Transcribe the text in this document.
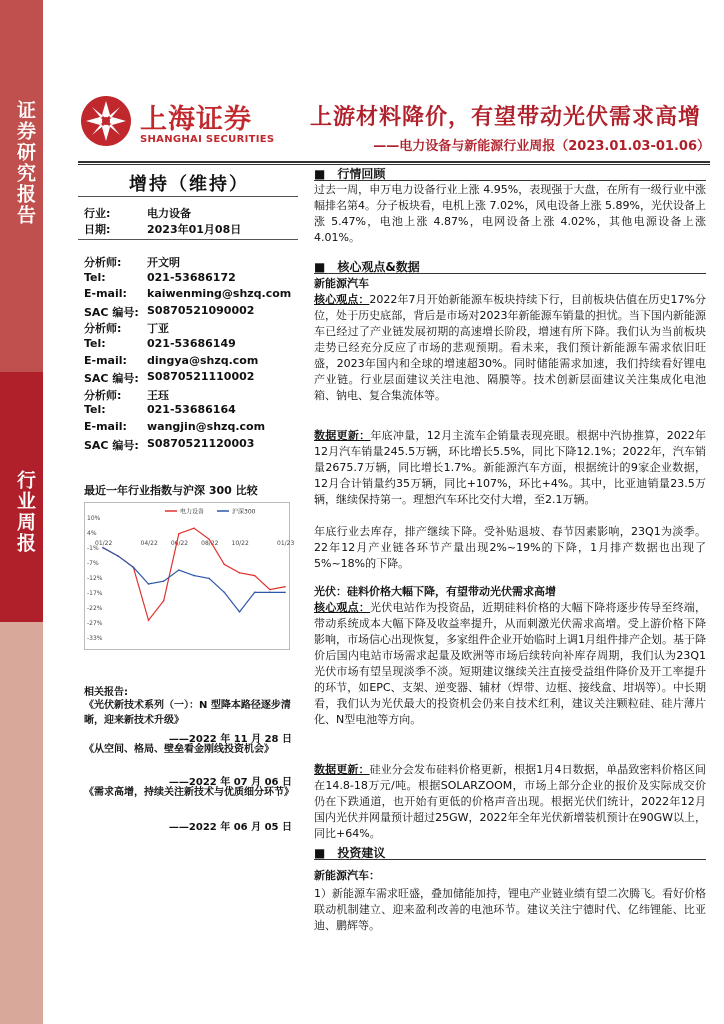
证券研究报告
行业周报
上海证券
SHANGHAI SECURITIES
上游材料降价，有望带动光伏需求高增
——电力设备与新能源行业周报（2023.01.03-01.06）
增持（维持）
行业:	电力设备
日期:	2023年01月08日
分析师: 开文明
Tel:	021-53686172
E-mail: kaiwenming@shzq.com
SAC 编号: S0870521090002
分析师: 丁亚
Tel:	021-53686149
E-mail: dingya@shzq.com
SAC 编号: S0870521110002
分析师: 王珏
Tel:	021-53686164
E-mail: wangjin@shzq.com
SAC 编号: S0870521120003
最近一年行业指数与沪深 300 比较
10%
4%
-1%
-7%
-12%
-17%
-22%
-27%
-33%
01/22	04/22 06/22 08/22 10/22	01/23
电力设备	沪深300
相关报告:
《光伏新技术系列（一）：N 型降本路径逐步清晰，迎来新技术升级》
——2022 年 11 月 28 日
《从空间、格局、壁垒看金刚线投资机会》
——2022 年 07 月 06 日
《需求高增，持续关注新技术与优质细分环节》
——2022 年 06 月 05 日
■　行情回顾
过去一周，申万电力设备行业上涨 4.95%，表现强于大盘，在所有一级行业中涨幅排名第4。分子板块看，电机上涨 7.02%，风电设备上涨 5.89%，光伏设备上涨 5.47%，电池上涨 4.87%，电网设备上涨 4.02%，其他电源设备上涨 4.01%。
■　核心观点&数据
新能源汽车
核心观点：2022年7月开始新能源车板块持续下行，目前板块估值在历史17%分位，处于历史底部，背后是市场对2023年新能源车销量的担忧。当下国内新能源车已经过了产业链发展初期的高速增长阶段，增速有所下降。我们认为当前板块走势已经充分反应了市场的悲观预期。看未来，我们预计新能源车需求依旧旺盛，2023年国内和全球的增速超30%。同时储能需求加速，我们持续看好锂电产业链。行业层面建议关注电池、隔膜等。技术创新层面建议关注集成化电池箱、钠电、复合集流体等。
数据更新：年底冲量，12月主流车企销量表现亮眼。根据中汽协推算，2022年12月汽车销量245.5万辆，环比增长5.5%，同比下降12.1%；2022年，汽车销量2675.7万辆，同比增长1.7%。新能源汽车方面，根据统计的9家企业数据，12月合计销量约35万辆，同比+107%，环比+4%。其中，比亚迪销量23.5万辆，继续保持第一。理想汽车环比交付大增，至2.1万辆。
年底行业去库存，排产继续下降。受补贴退坡、春节因素影响，23Q1为淡季。22年12月产业链各环节产量出现2%~19%的下降，1月排产数据也出现了5%~18%的下降。
光伏：硅料价格大幅下降，有望带动光伏需求高增
核心观点：光伏电站作为投资品，近期硅料价格的大幅下降将逐步传导至终端，带动系统成本大幅下降及收益率提升，从而刺激光伏需求高增。受上游价格下降影响，市场信心出现恢复，多家组件企业开始临时上调1月组件排产企划。基于降价后国内电站市场需求起量及欧洲等市场后续转向补库存周期，我们认为23Q1光伏市场有望呈现淡季不淡。短期建议继续关注直接受益组件降价及开工率提升的环节，如EPC、支架、逆变器、辅材（焊带、边框、接线盒、坩埚等）。中长期看，我们认为光伏最大的投资机会仍来自技术红利，建议关注颗粒硅、硅片薄片化、N型电池等方向。
数据更新：硅业分会发布硅料价格更新，根据1月4日数据，单晶致密料价格区间在14.8-18万元/吨。根据SOLARZOOM，市场上部分企业的报价及实际成交价仍在下跌通道，也开始有更低的价格声音出现。根据光伏们统计，2022年12月国内光伏并网量预计超过25GW，2022年全年光伏新增装机预计在90GW以上，同比+64%。
■　投资建议
新能源汽车：
1）新能源车需求旺盛，叠加储能加持，锂电产业链业绩有望二次腾飞。看好价格联动机制建立、迎来盈利改善的电池环节。建议关注宁德时代、亿纬锂能、比亚迪、鹏辉等。
